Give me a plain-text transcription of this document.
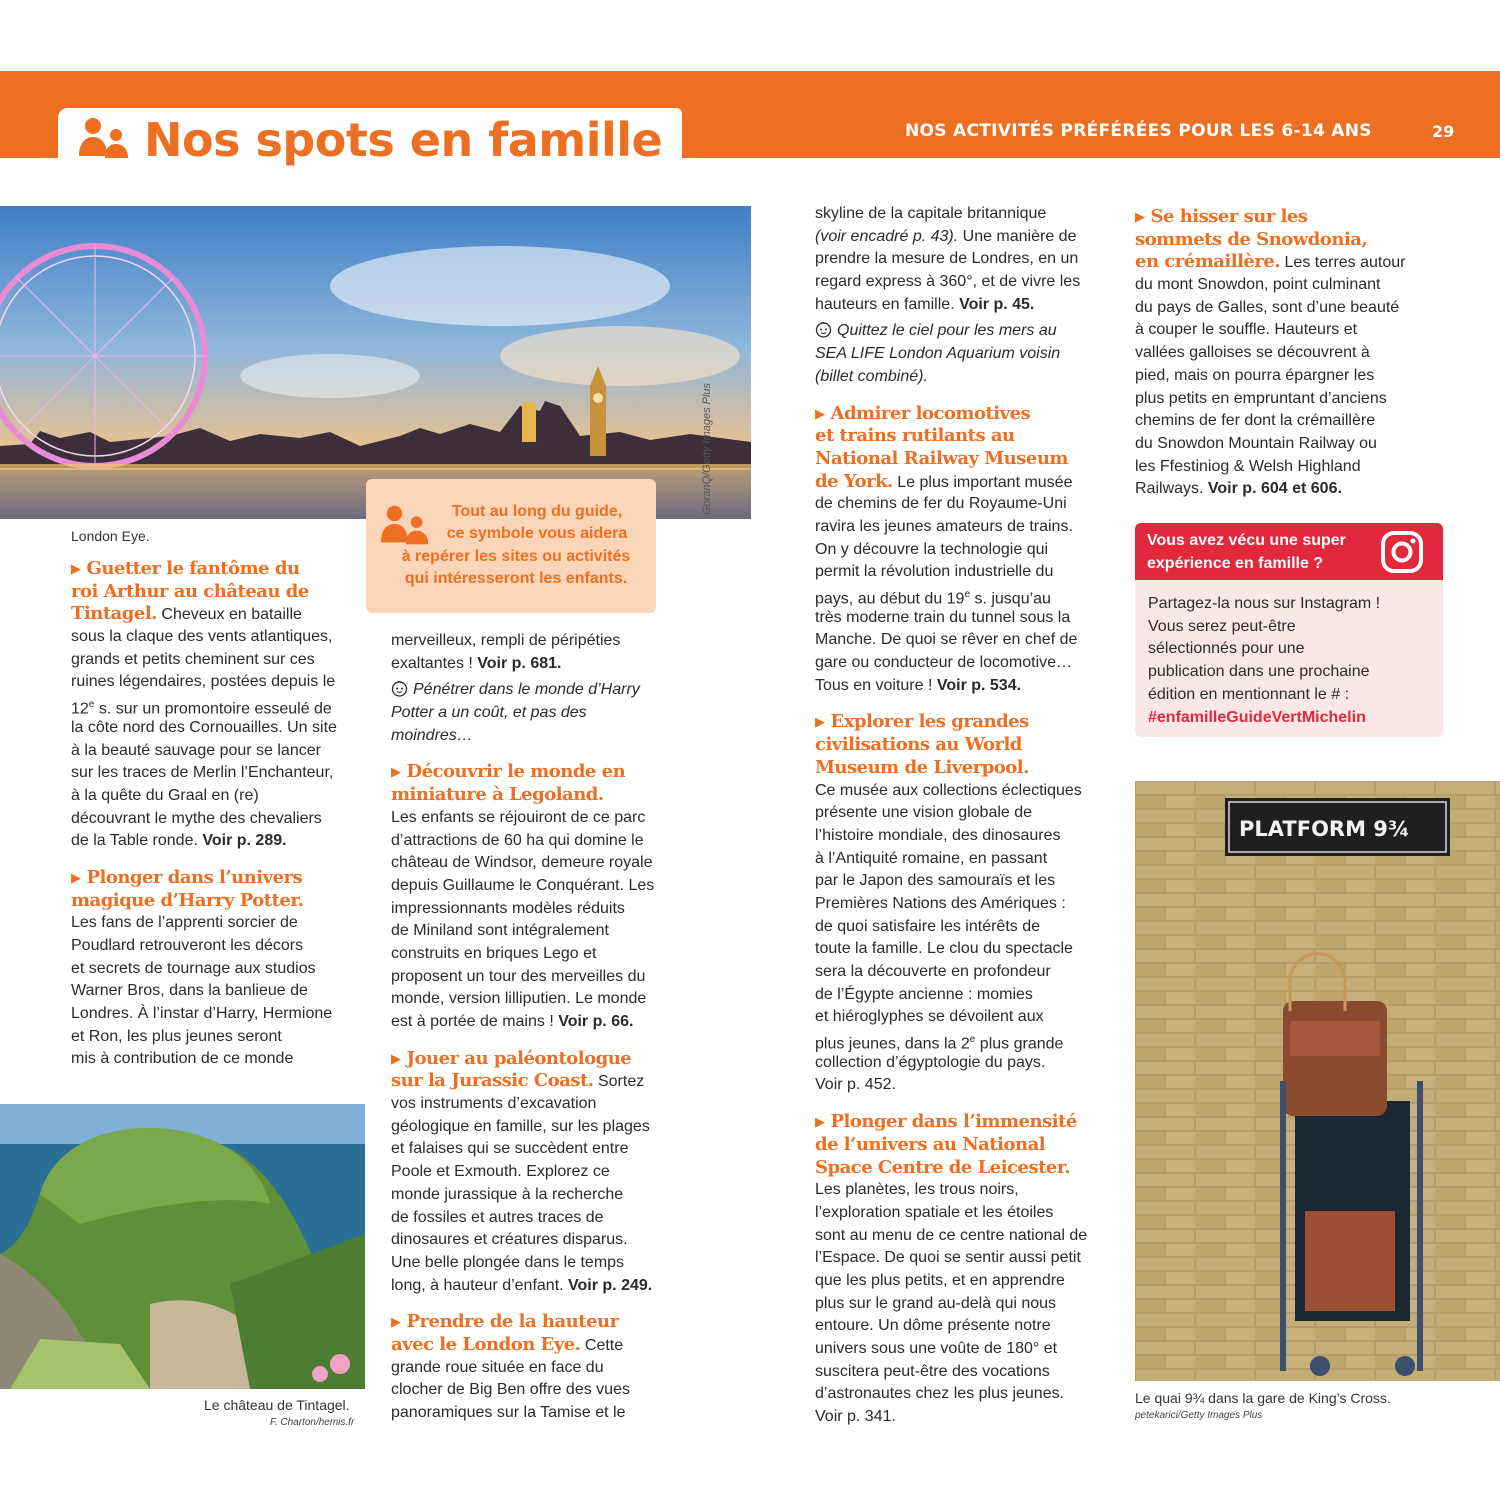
Nos spots en famille	NOS ACTIVITÉS PRÉFÉRÉES POUR LES 6-14 ANS	29
GoranQ/Getty Images Plus
London Eye.
Tout au long du guide,
ce symbole vous aidera
à repérer les sites ou activités
qui intéresseront les enfants.
▶ Guetter le fantôme du
roi Arthur au château de
Tintagel. Cheveux en bataille
sous la claque des vents atlantiques,
grands et petits cheminent sur ces
ruines légendaires, postées depuis le
12e s. sur un promontoire esseulé de
la côte nord des Cornouailles. Un site
à la beauté sauvage pour se lancer
sur les traces de Merlin l’Enchanteur,
à la quête du Graal en (re)
découvrant le mythe des chevaliers
de la Table ronde. Voir p. 289.
▶ Plonger dans l’univers
magique d’Harry Potter.
Les fans de l’apprenti sorcier de
Poudlard retrouveront les décors
et secrets de tournage aux studios
Warner Bros, dans la banlieue de
Londres. À l’instar d’Harry, Hermione
et Ron, les plus jeunes seront
mis à contribution de ce monde
Le château de Tintagel.
F. Charton/hemis.fr
merveilleux, rempli de péripéties
exaltantes ! Voir p. 681.
Pénétrer dans le monde d’Harry
Potter a un coût, et pas des
moindres…
▶ Découvrir le monde en
miniature à Legoland.
Les enfants se réjouiront de ce parc
d’attractions de 60 ha qui domine le
château de Windsor, demeure royale
depuis Guillaume le Conquérant. Les
impressionnants modèles réduits
de Miniland sont intégralement
construits en briques Lego et
proposent un tour des merveilles du
monde, version lilliputien. Le monde
est à portée de mains ! Voir p. 66.
▶ Jouer au paléontologue
sur la Jurassic Coast. Sortez
vos instruments d’excavation
géologique en famille, sur les plages
et falaises qui se succèdent entre
Poole et Exmouth. Explorez ce
monde jurassique à la recherche
de fossiles et autres traces de
dinosaures et créatures disparus.
Une belle plongée dans le temps
long, à hauteur d’enfant. Voir p. 249.
▶ Prendre de la hauteur
avec le London Eye. Cette
grande roue située en face du
clocher de Big Ben offre des vues
panoramiques sur la Tamise et le
skyline de la capitale britannique
(voir encadré p. 43). Une manière de
prendre la mesure de Londres, en un
regard express à 360°, et de vivre les
hauteurs en famille. Voir p. 45.
Quittez le ciel pour les mers au
SEA LIFE London Aquarium voisin
(billet combiné).
▶ Admirer locomotives
et trains rutilants au
National Railway Museum
de York. Le plus important musée
de chemins de fer du Royaume-Uni
ravira les jeunes amateurs de trains.
On y découvre la technologie qui
permit la révolution industrielle du
pays, au début du 19e s. jusqu’au
très moderne train du tunnel sous la
Manche. De quoi se rêver en chef de
gare ou conducteur de locomotive…
Tous en voiture ! Voir p. 534.
▶ Explorer les grandes
civilisations au World
Museum de Liverpool.
Ce musée aux collections éclectiques
présente une vision globale de
l’histoire mondiale, des dinosaures
à l’Antiquité romaine, en passant
par le Japon des samouraïs et les
Premières Nations des Amériques :
de quoi satisfaire les intérêts de
toute la famille. Le clou du spectacle
sera la découverte en profondeur
de l’Égypte ancienne : momies
et hiéroglyphes se dévoilent aux
plus jeunes, dans la 2e plus grande
collection d’égyptologie du pays.
Voir p. 452.
▶ Plonger dans l’immensité
de l’univers au National
Space Centre de Leicester.
Les planètes, les trous noirs,
l’exploration spatiale et les étoiles
sont au menu de ce centre national de
l’Espace. De quoi se sentir aussi petit
que les plus petits, et en apprendre
plus sur le grand au-delà qui nous
entoure. Un dôme présente notre
univers sous une voûte de 180° et
suscitera peut-être des vocations
d’astronautes chez les plus jeunes.
Voir p. 341.
▶ Se hisser sur les
sommets de Snowdonia,
en crémaillère. Les terres autour
du mont Snowdon, point culminant
du pays de Galles, sont d’une beauté
à couper le souffle. Hauteurs et
vallées galloises se découvrent à
pied, mais on pourra épargner les
plus petits en empruntant d’anciens
chemins de fer dont la crémaillère
du Snowdon Mountain Railway ou
les Ffestiniog & Welsh Highland
Railways. Voir p. 604 et 606.
Vous avez vécu une super
expérience en famille ?
Partagez-la nous sur Instagram !
Vous serez peut-être
sélectionnés pour une
publication dans une prochaine
édition en mentionnant le # :
#enfamilleGuideVertMichelin
PLATFORM 9¾
Le quai 9¾ dans la gare de King’s Cross.
petekarici/Getty Images Plus
